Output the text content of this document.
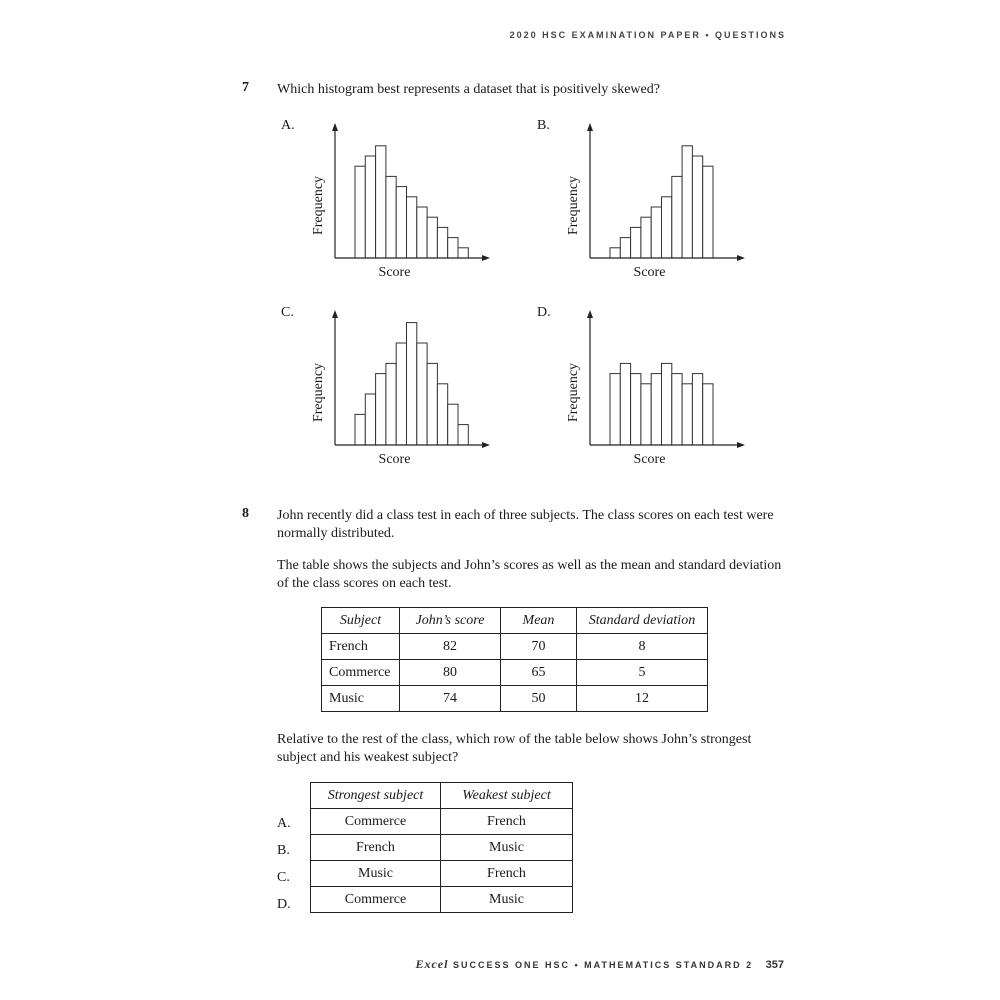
2020 HSC EXAMINATION PAPER • QUESTIONS
7 Which histogram best represents a dataset that is positively skewed?
A.	B.
C.	D.
Score
Frequency
Score
Frequency
Score
Frequency
Score
Frequency
8 John recently did a class test in each of three subjects. The class scores on each test were
normally distributed.
The table shows the subjects and John’s scores as well as the mean and standard deviation
of the class scores on each test.
Subject	John’s score	Mean	Standard deviation
French	82	70	8
Commerce	80	65	5
Music	74	50	12
Relative to the rest of the class, which row of the table below shows John’s strongest
subject and his weakest subject?
A.
B.
C.
D.
Strongest subject	Weakest subject
Commerce	French
French	Music
Music	French
Commerce	Music
Excel SUCCESS ONE HSC • MATHEMATICS STANDARD 2 357
